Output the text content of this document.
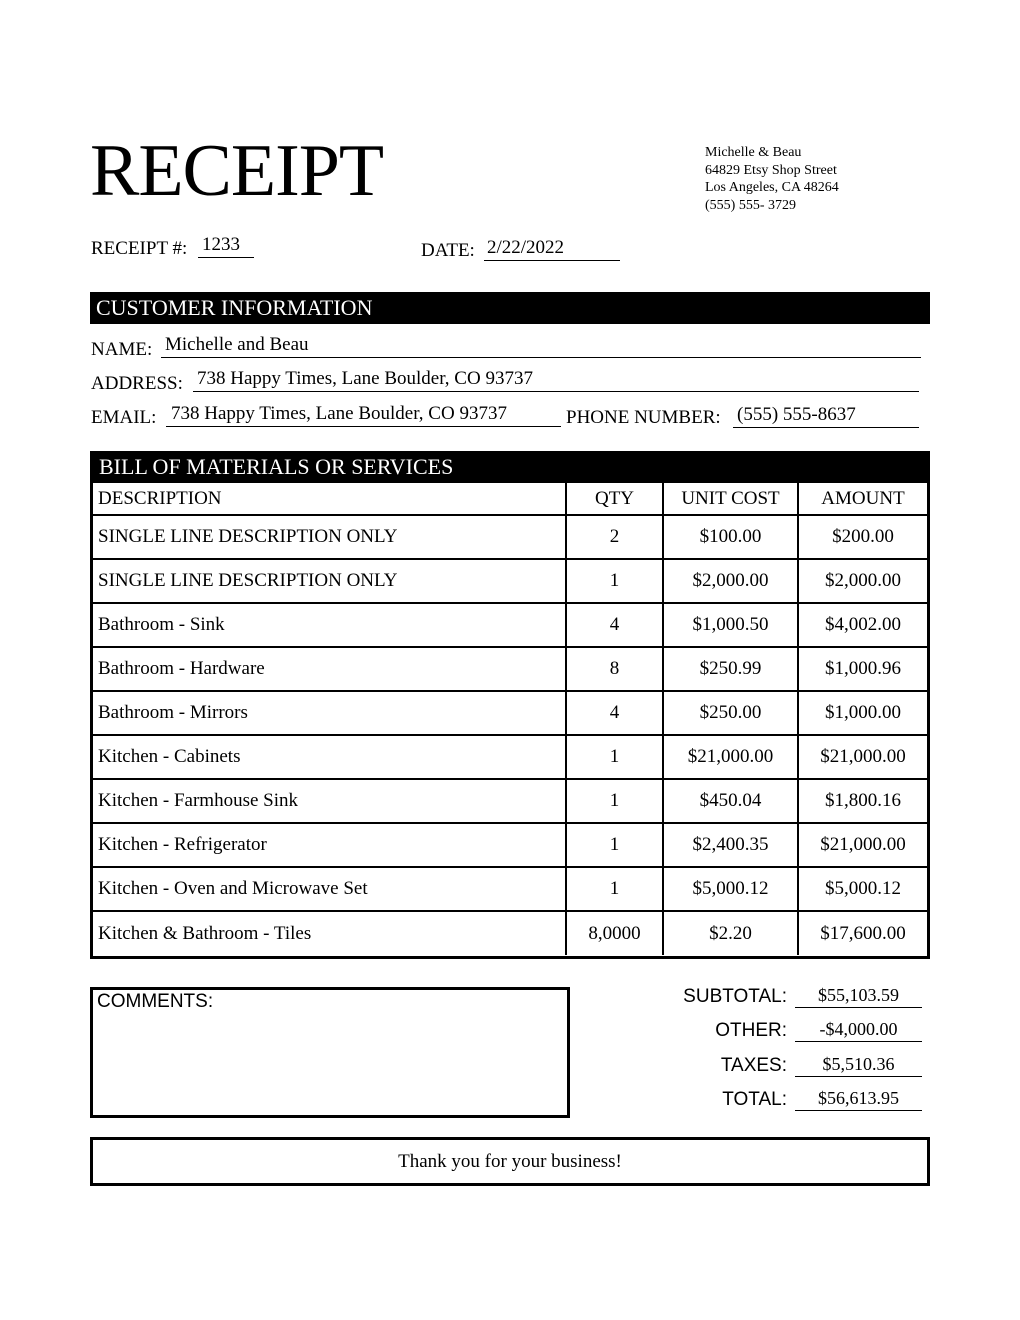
RECEIPT	Michelle & Beau
64829 Etsy Shop Street
Los Angeles, CA 48264
(555) 555- 3729
RECEIPT #: 1233	DATE: 2/22/2022
CUSTOMER INFORMATION
NAME: Michelle and Beau
ADDRESS: 738 Happy Times, Lane Boulder, CO 93737
EMAIL: 738 Happy Times, Lane Boulder, CO 93737	PHONE NUMBER: (555) 555-8637
BILL OF MATERIALS OR SERVICES
DESCRIPTION	QTY	UNIT COST	AMOUNT
SINGLE LINE DESCRIPTION ONLY	2	$100.00	$200.00
SINGLE LINE DESCRIPTION ONLY	1	$2,000.00	$2,000.00
Bathroom - Sink	4	$1,000.50	$4,002.00
Bathroom - Hardware	8	$250.99	$1,000.96
Bathroom - Mirrors	4	$250.00	$1,000.00
Kitchen - Cabinets	1	$21,000.00	$21,000.00
Kitchen - Farmhouse Sink	1	$450.04	$1,800.16
Kitchen - Refrigerator	1	$2,400.35	$21,000.00
Kitchen - Oven and Microwave Set	1	$5,000.12	$5,000.12
Kitchen & Bathroom - Tiles	8,0000	$2.20	$17,600.00
COMMENTS:	SUBTOTAL:	$55,103.59
OTHER:	-$4,000.00
TAXES:	$5,510.36
TOTAL:	$56,613.95
Thank you for your business!
